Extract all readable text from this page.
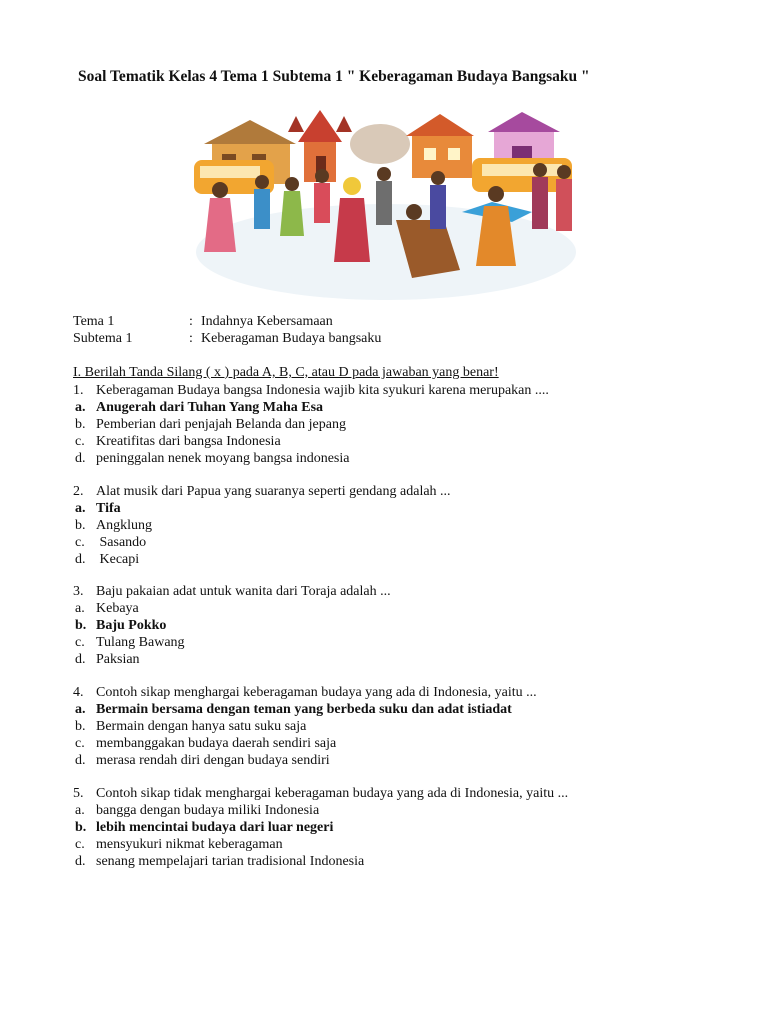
Soal Tematik Kelas 4 Tema 1 Subtema 1 " Keberagaman Budaya Bangsaku "
Tema 1	: Indahnya Kebersamaan
Subtema 1	: Keberagaman Budaya bangsaku
I. Berilah Tanda Silang ( x ) pada A, B, C, atau D pada jawaban yang benar!
1. Keberagaman Budaya bangsa Indonesia wajib kita syukuri karena merupakan ....
a. Anugerah dari Tuhan Yang Maha Esa
b. Pemberian dari penjajah Belanda dan jepang
c. Kreatifitas dari bangsa Indonesia
d. peninggalan nenek moyang bangsa indonesia
2. Alat musik dari Papua yang suaranya seperti gendang adalah ...
a. Tifa
b. Angklung
c. Sasando
d. Kecapi
3. Baju pakaian adat untuk wanita dari Toraja adalah ...
a. Kebaya
b. Baju Pokko
c. Tulang Bawang
d. Paksian
4. Contoh sikap menghargai keberagaman budaya yang ada di Indonesia, yaitu ...
a. Bermain bersama dengan teman yang berbeda suku dan adat istiadat
b. Bermain dengan hanya satu suku saja
c. membanggakan budaya daerah sendiri saja
d. merasa rendah diri dengan budaya sendiri
5. Contoh sikap tidak menghargai keberagaman budaya yang ada di Indonesia, yaitu ...
a. bangga dengan budaya miliki Indonesia
b. lebih mencintai budaya dari luar negeri
c. mensyukuri nikmat keberagaman
d. senang mempelajari tarian tradisional Indonesia
